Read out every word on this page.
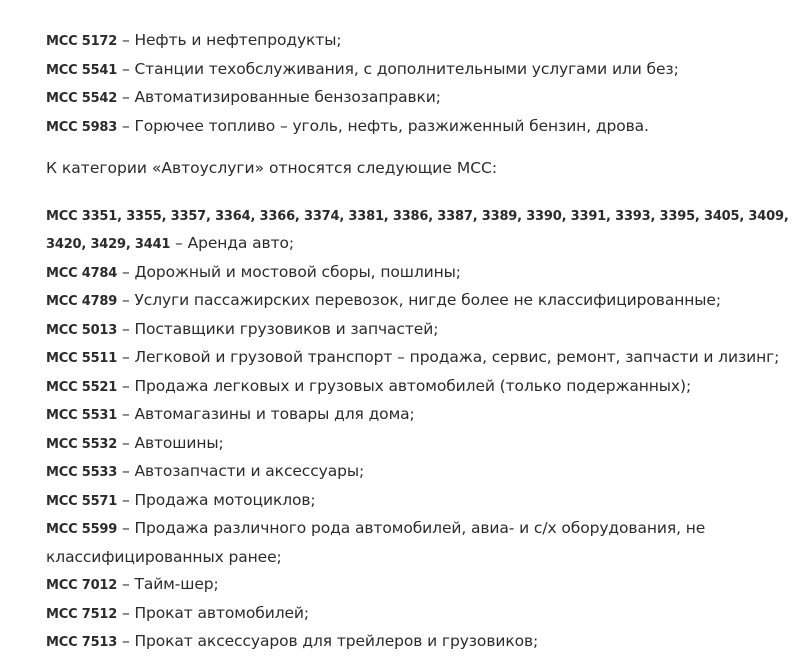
MCC 5172 – Нефть и нефтепродукты;
MCC 5541 – Станции техобслуживания, с дополнительными услугами или без;
MCC 5542 – Автоматизированные бензозаправки;
MCC 5983 – Горючее топливо – уголь, нефть, разжиженный бензин, дрова.
К категории «Автоуслуги» относятся следующие МСС:
MCC 3351, 3355, 3357, 3364, 3366, 3374, 3381, 3386, 3387, 3389, 3390, 3391, 3393, 3395, 3405, 3409,
3420, 3429, 3441 – Аренда авто;
MCC 4784 – Дорожный и мостовой сборы, пошлины;
MCC 4789 – Услуги пассажирских перевозок, нигде более не классифицированные;
MCC 5013 – Поставщики грузовиков и запчастей;
MCC 5511 – Легковой и грузовой транспорт – продажа, сервис, ремонт, запчасти и лизинг;
MCC 5521 – Продажа легковых и грузовых автомобилей (только подержанных);
MCC 5531 – Автомагазины и товары для дома;
MCC 5532 – Автошины;
MCC 5533 – Автозапчасти и аксессуары;
MCC 5571 – Продажа мотоциклов;
MCC 5599 – Продажа различного рода автомобилей, авиа- и с/х оборудования, не
классифицированных ранее;
MCC 7012 – Тайм-шер;
MCC 7512 – Прокат автомобилей;
MCC 7513 – Прокат аксессуаров для трейлеров и грузовиков;
